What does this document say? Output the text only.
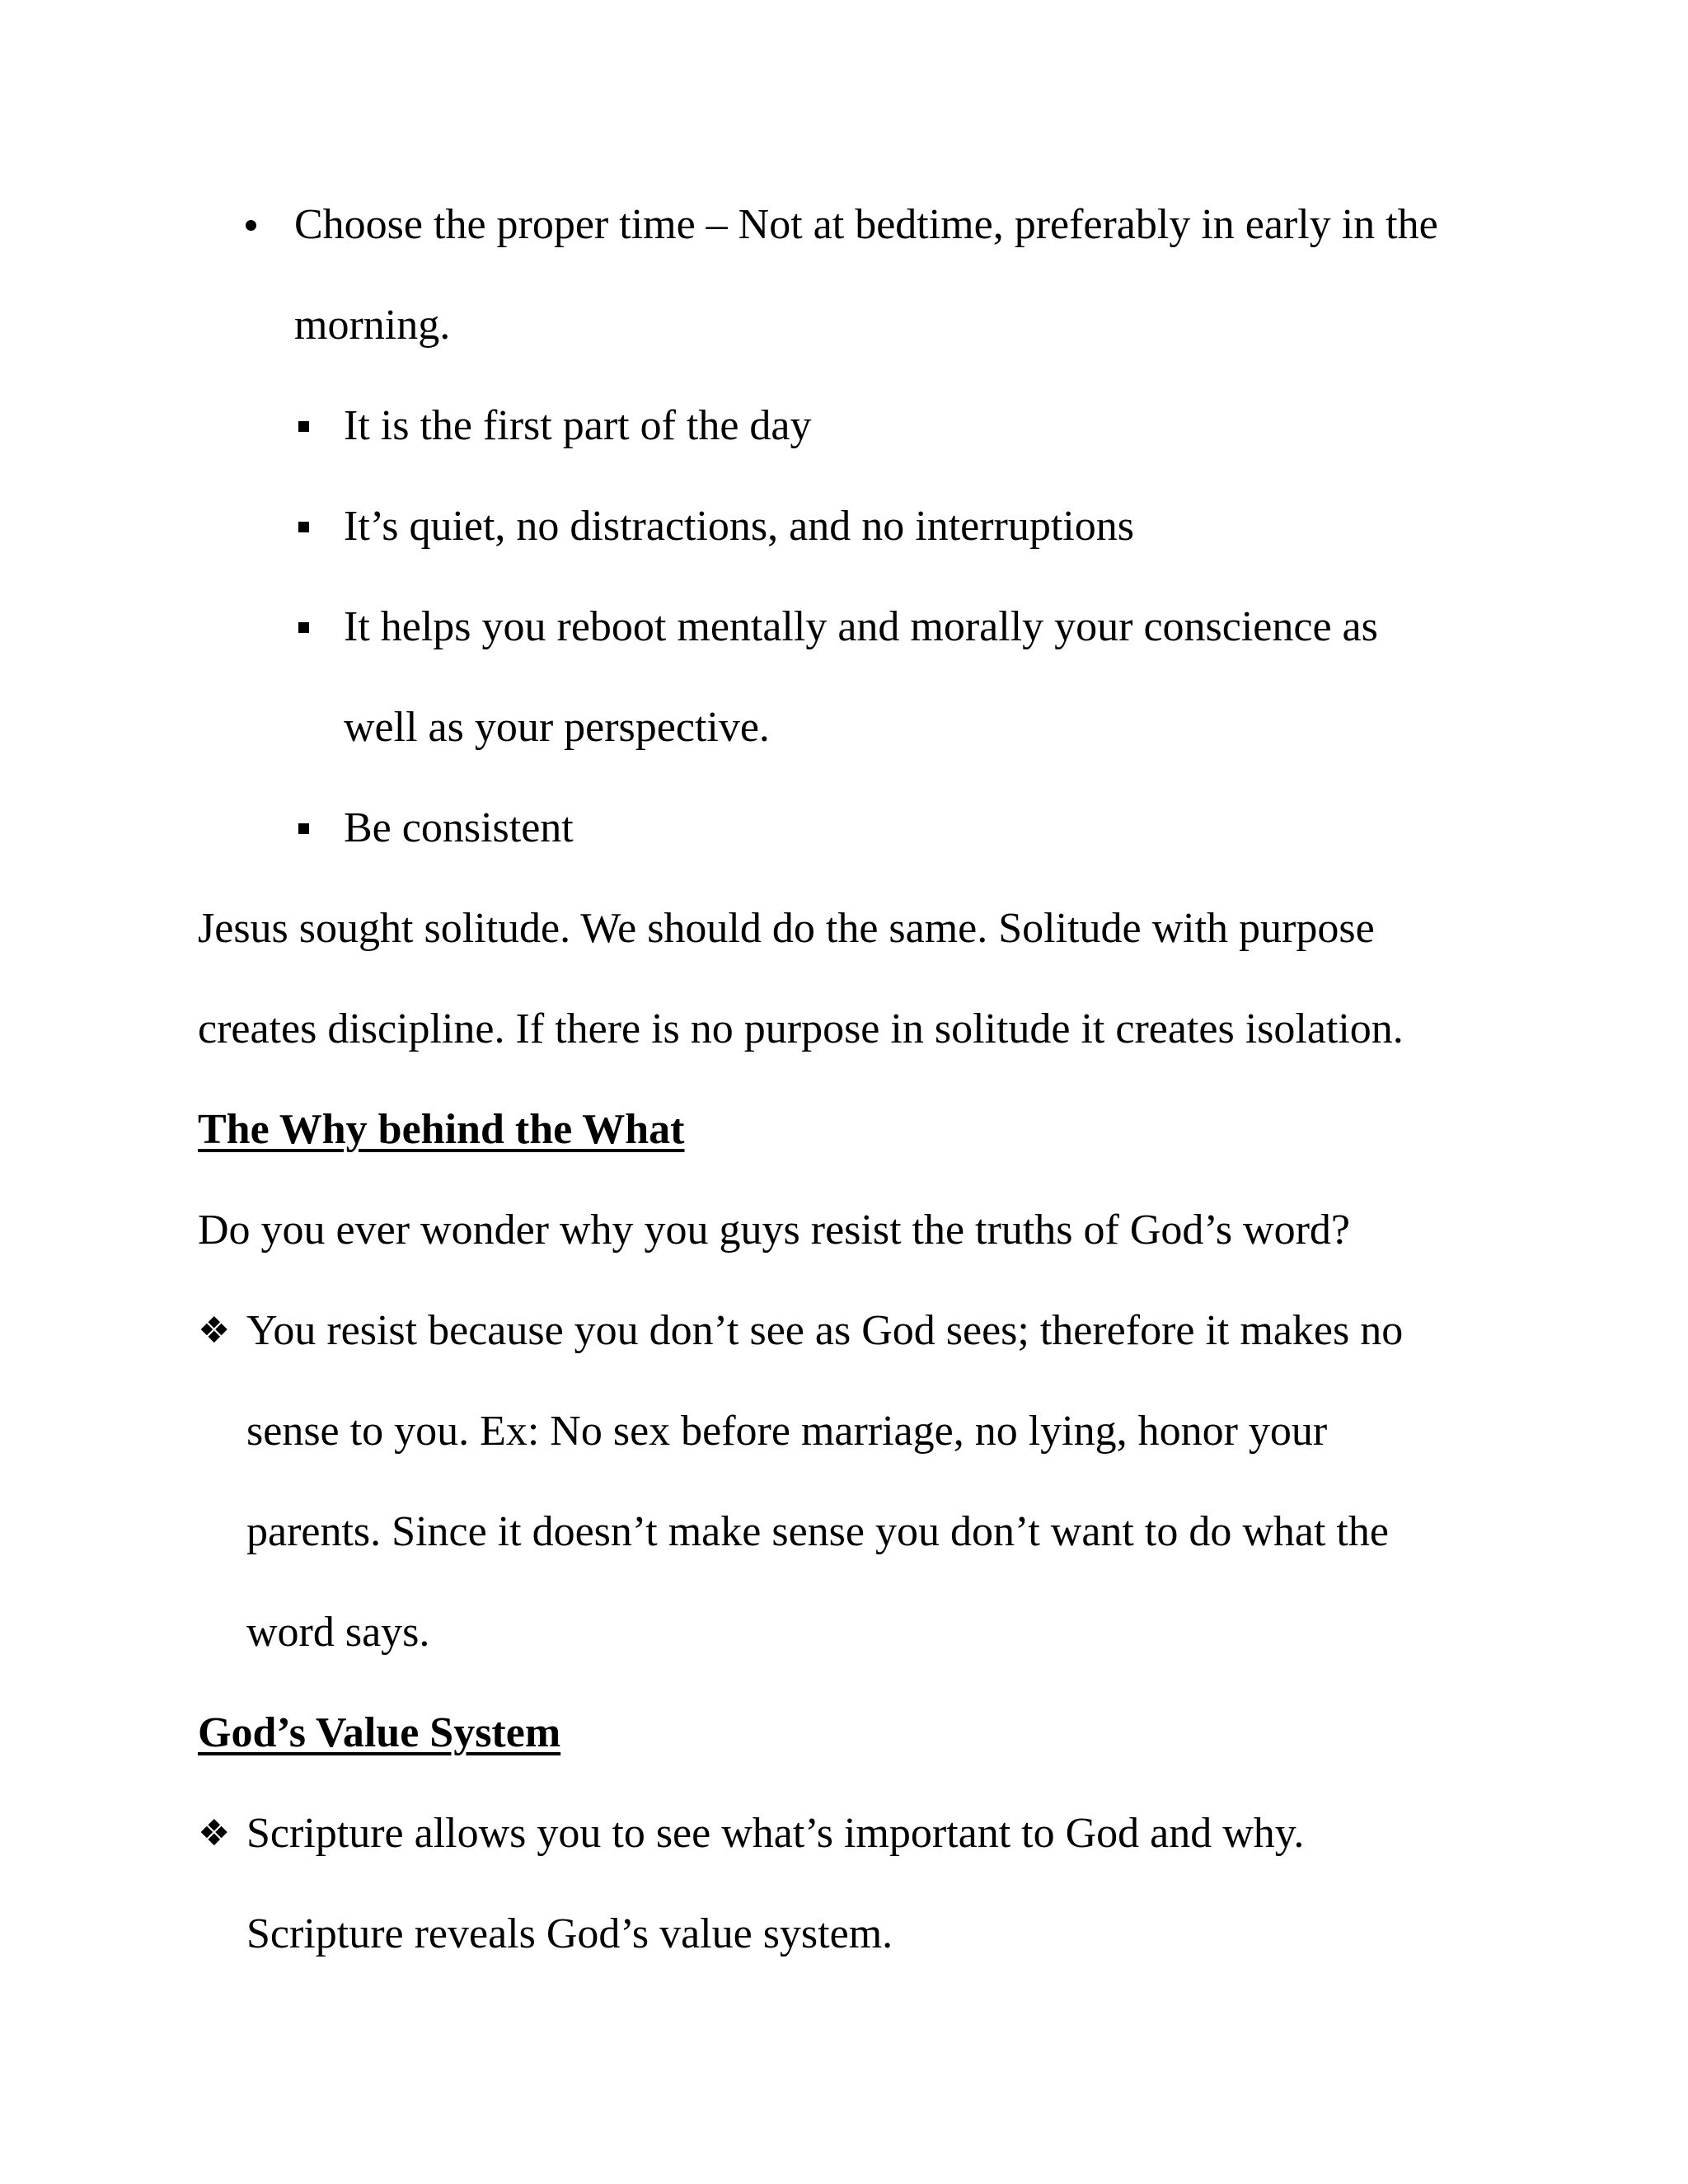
Choose the proper time – Not at bedtime, preferably in early in the
morning.
It is the first part of the day
It’s quiet, no distractions, and no interruptions
It helps you reboot mentally and morally your conscience as
well as your perspective.
Be consistent
Jesus sought solitude. We should do the same. Solitude with purpose
creates discipline. If there is no purpose in solitude it creates isolation.
The Why behind the What
Do you ever wonder why you guys resist the truths of God’s word?
❖ You resist because you don’t see as God sees; therefore it makes no
sense to you. Ex: No sex before marriage, no lying, honor your
parents. Since it doesn’t make sense you don’t want to do what the
word says.
God’s Value System
❖ Scripture allows you to see what’s important to God and why.
Scripture reveals God’s value system.
